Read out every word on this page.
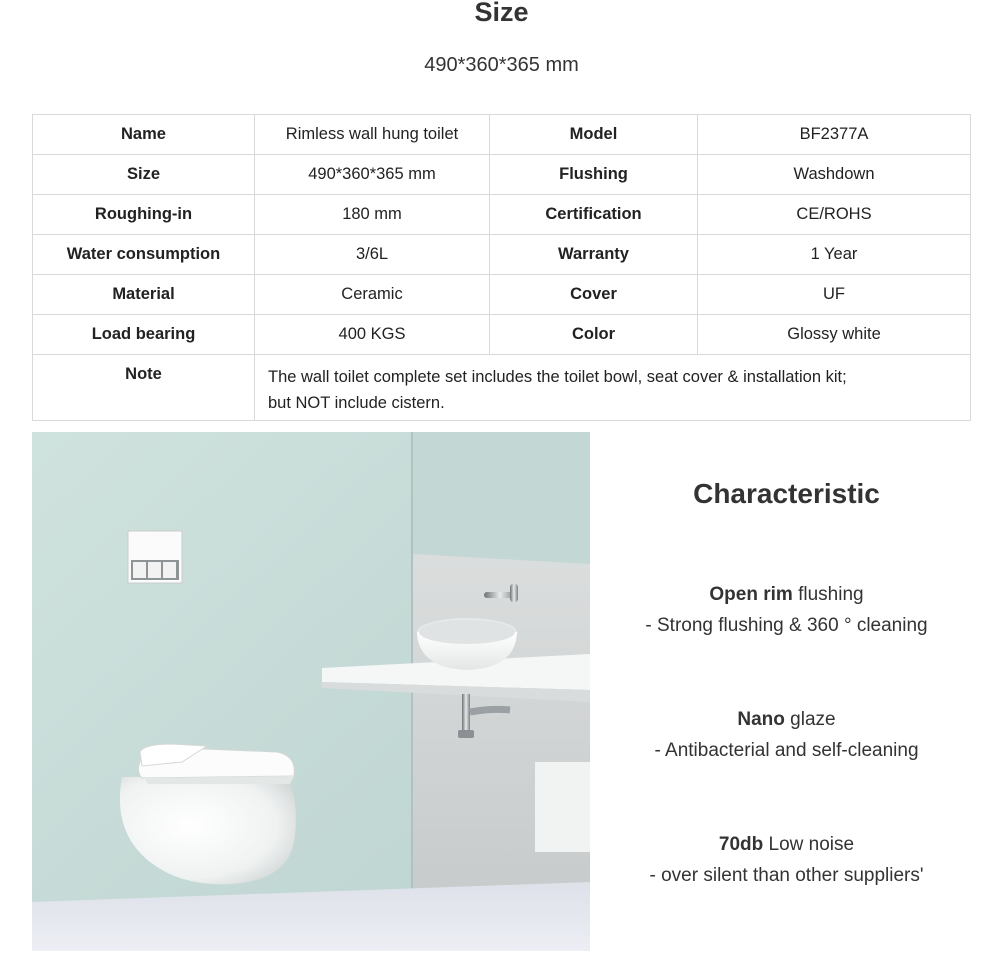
Size
490*360*365 mm
Name	Rimless wall hung toilet	Model	BF2377A
Size	490*360*365 mm	Flushing	Washdown
Roughing-in	180 mm	Certification	CE/ROHS
Water consumption	3/6L	Warranty	1 Year
Material	Ceramic	Cover	UF
Load bearing	400 KGS	Color	Glossy white
Note	The wall toilet complete set includes the toilet bowl, seat cover & installation kit;
but NOT include cistern.		
Characteristic
Open rim flushing
- Strong flushing & 360 ° cleaning
Nano glaze
- Antibacterial and self-cleaning
70db Low noise
- over silent than other suppliers'
